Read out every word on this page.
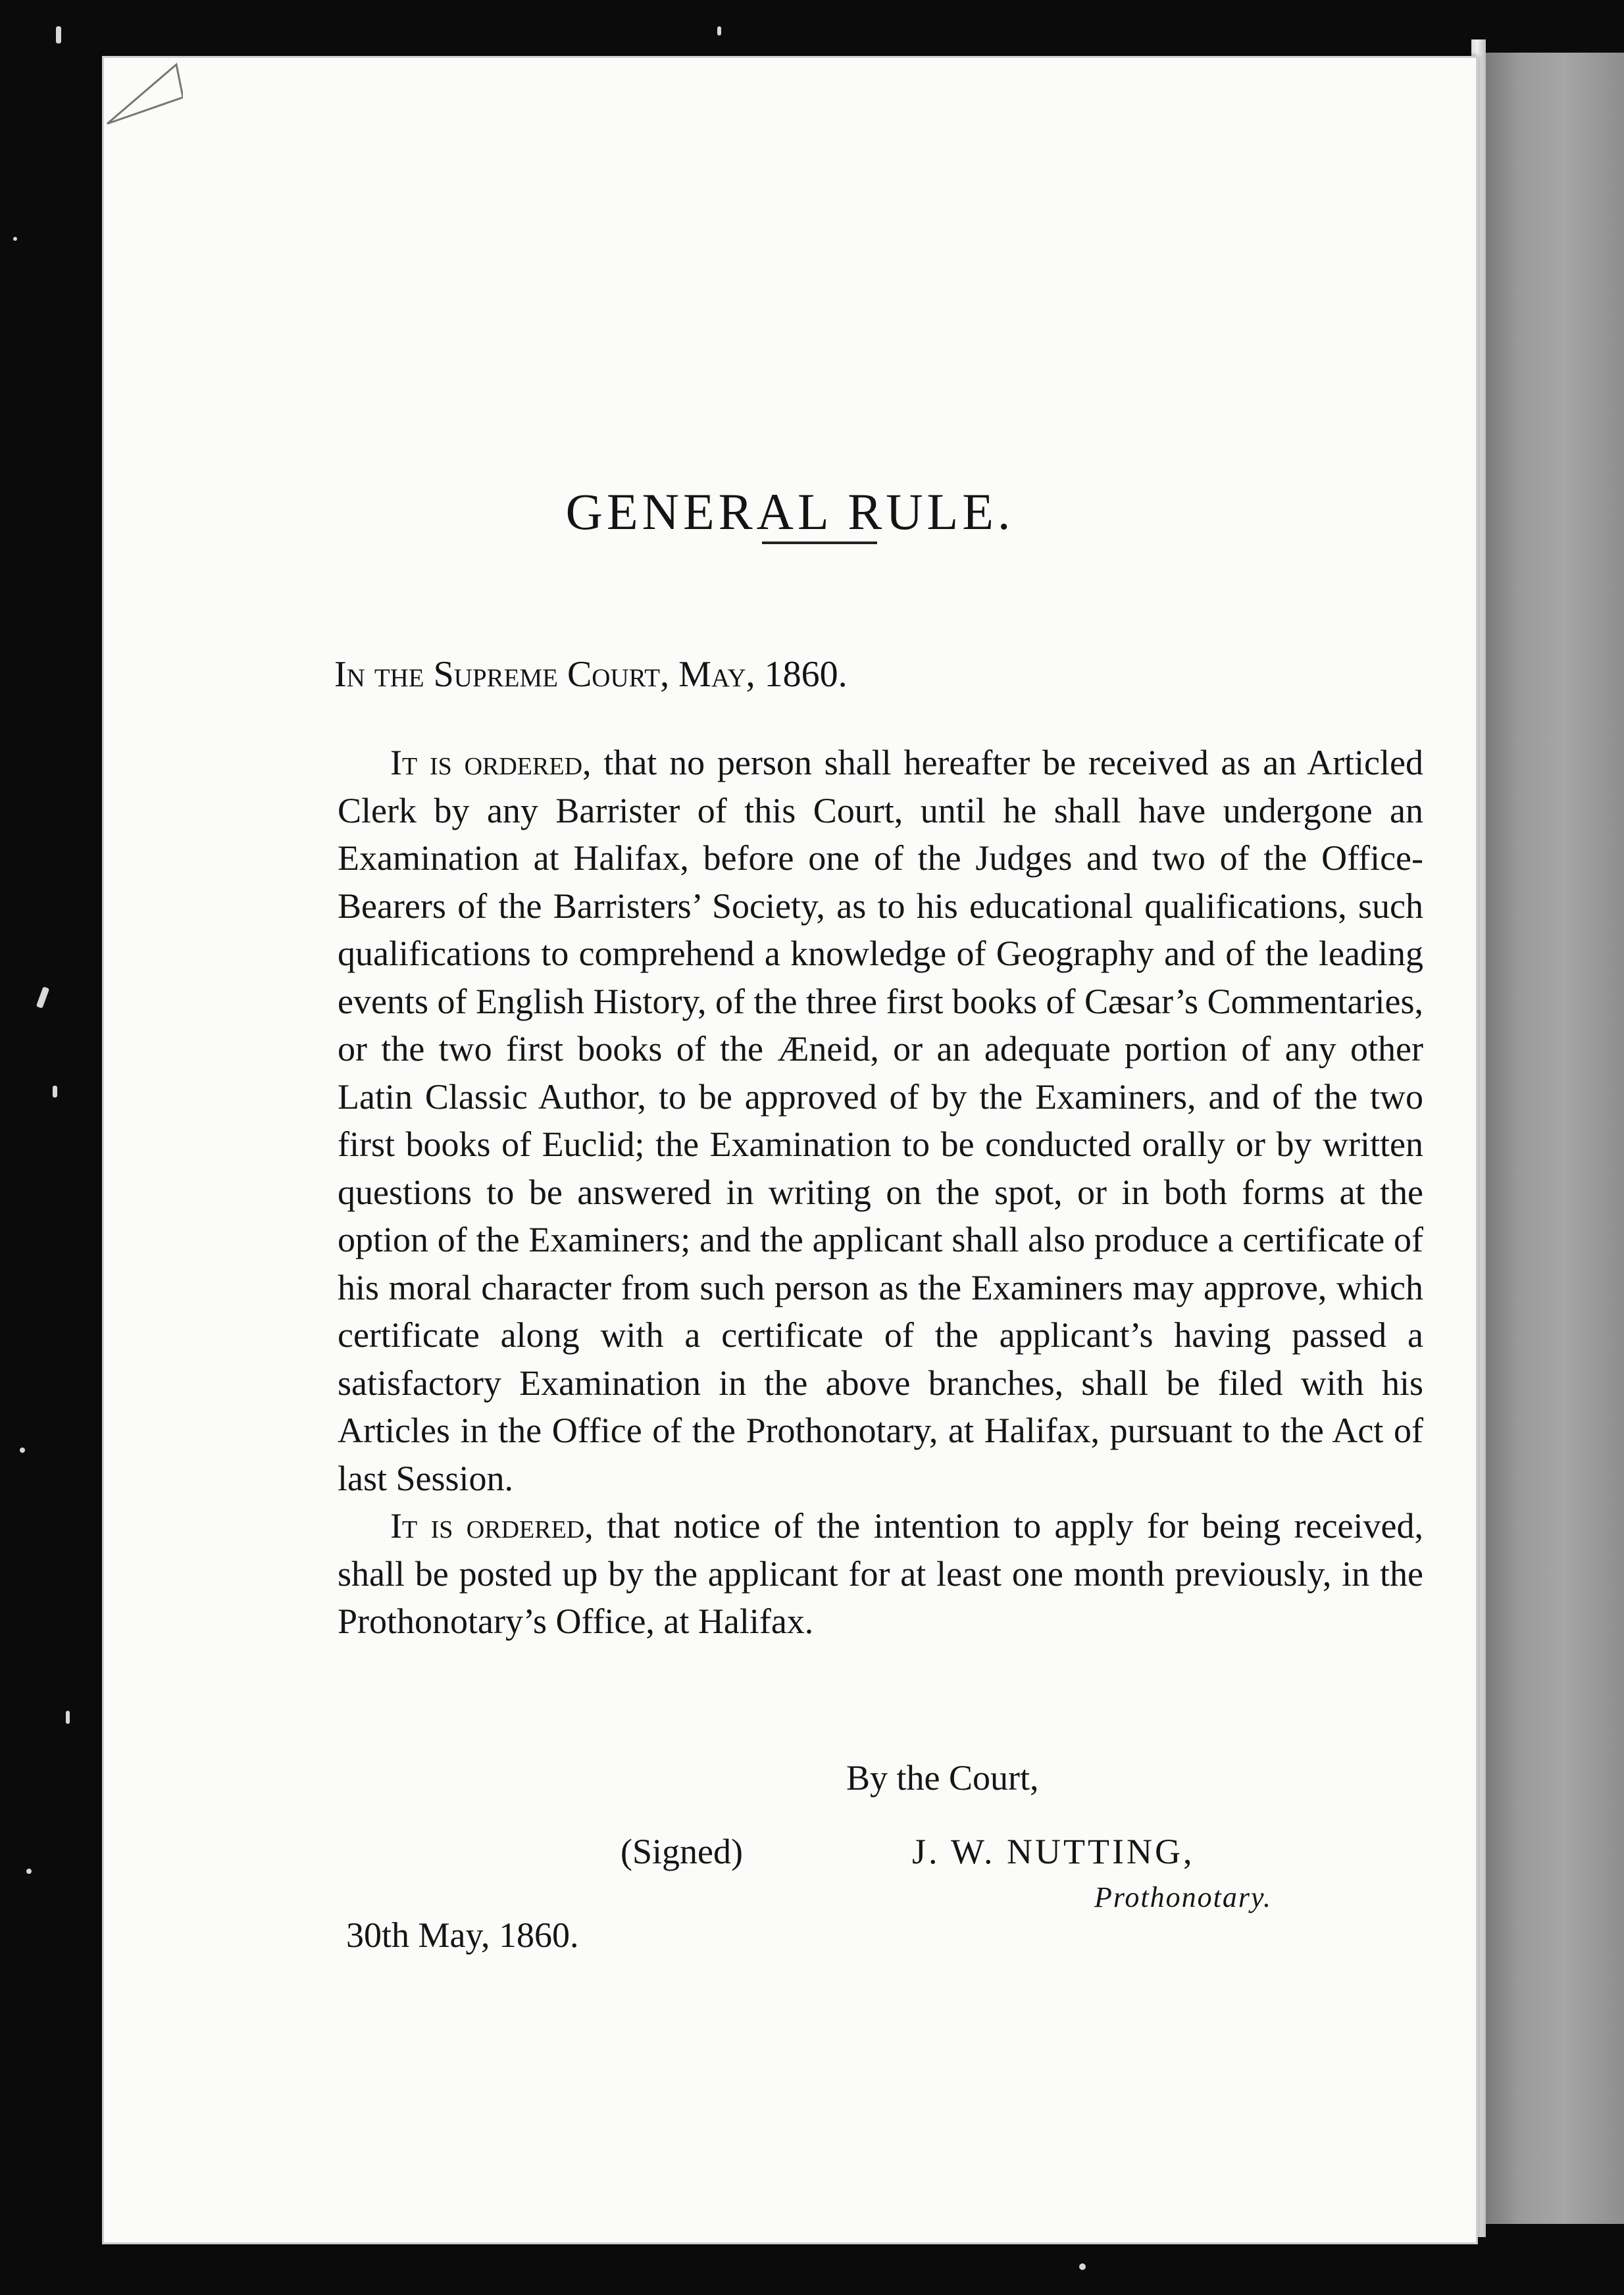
GENERAL RULE.
In the Supreme Court, May, 1860.

It is ordered, that no person shall hereafter be received as an Articled Clerk by any Barrister of this Court, until he shall have undergone an Examination at Halifax, before one of the Judges and two of the Office-Bearers of the Barristers’ Society, as to his educational qualifications, such qualifications to comprehend a knowledge of Geography and of the leading events of English History, of the three first books of Cæsar’s Commentaries, or the two first books of the Æneid, or an adequate portion of any other Latin Classic Author, to be approved of by the Examiners, and of the two first books of Euclid; the Examination to be conducted orally or by written questions to be answered in writing on the spot, or in both forms at the option of the Examiners; and the applicant shall also produce a certificate of his moral character from such person as the Examiners may approve, which certificate along with a certificate of the applicant’s having passed a satisfactory Examination in the above branches, shall be filed with his Articles in the Office of the Prothonotary, at Halifax, pursuant to the Act of last Session.

It is ordered, that notice of the intention to apply for being received, shall be posted up by the applicant for at least one month previously, in the Prothonotary’s Office, at Halifax.

By the Court,
(Signed)	J. W. NUTTING,
Prothonotary.
30th May, 1860.
